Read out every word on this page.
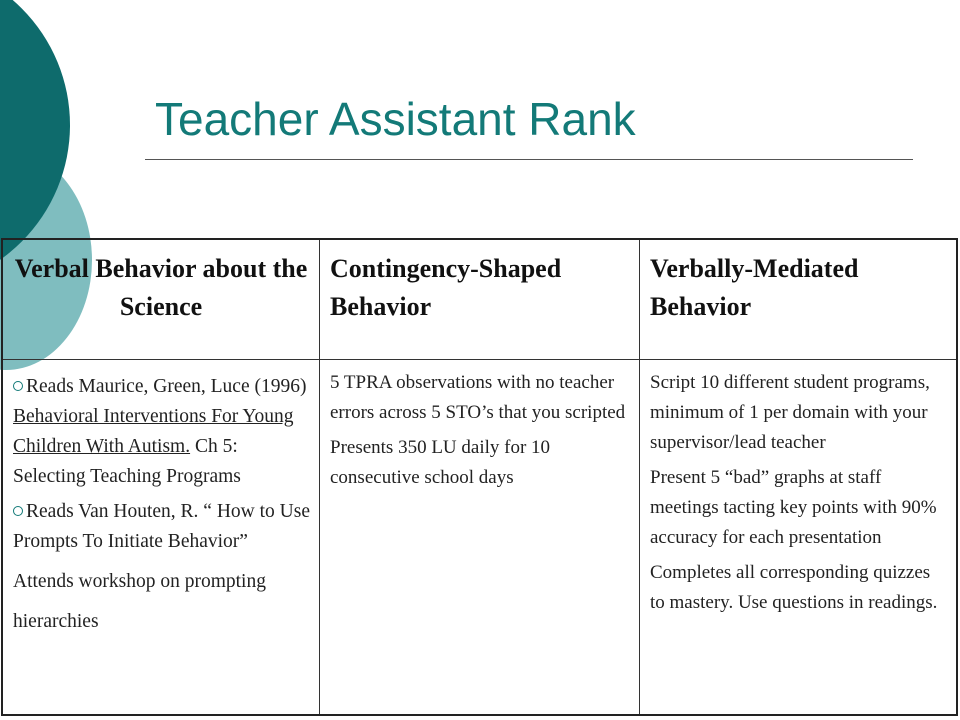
Teacher Assistant Rank
Verbal Behavior about the Science
Contingency-Shaped Behavior
Verbally-Mediated Behavior

Reads Maurice, Green, Luce (1996) Behavioral Interventions For Young Children With Autism. Ch 5: Selecting Teaching Programs

Reads Van Houten, R. “ How to Use Prompts To Initiate Behavior”

Attends workshop on prompting hierarchies

5 TPRA observations with no teacher errors across 5 STO’s that you scripted

Presents 350 LU daily for 10 consecutive school days

Script 10 different student programs, minimum of 1 per domain with your supervisor/lead teacher

Present 5 “bad” graphs at staff meetings tacting key points with 90% accuracy for each presentation

Completes all corresponding quizzes to mastery. Use questions in readings.
